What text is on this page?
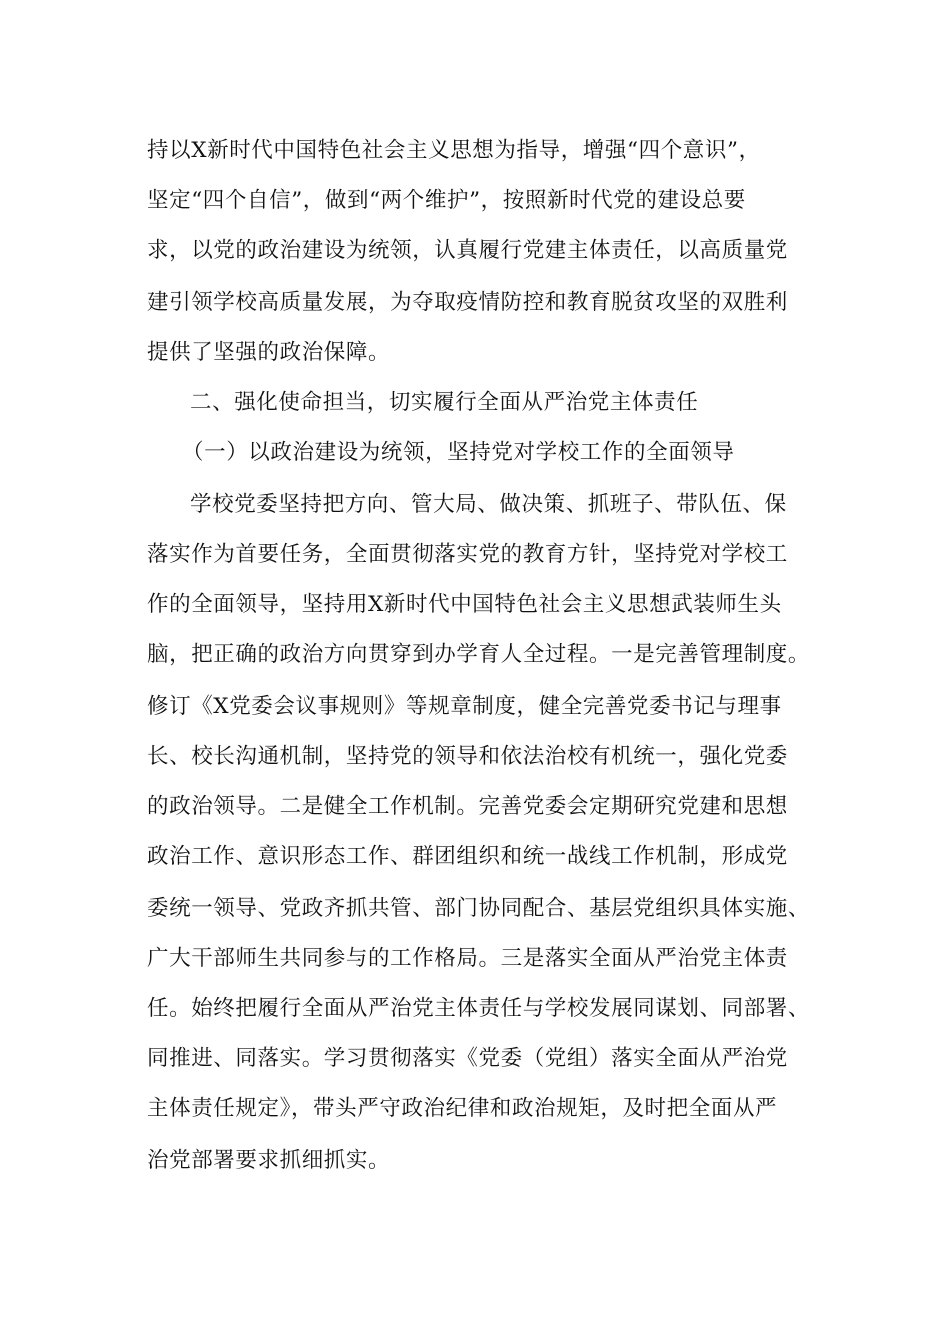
持以X新时代中国特色社会主义思想为指导，增强“四个意识”，
坚定“四个自信”，做到“两个维护”，按照新时代党的建设总要
求，以党的政治建设为统领，认真履行党建主体责任，以高质量党
建引领学校高质量发展，为夺取疫情防控和教育脱贫攻坚的双胜利
提供了坚强的政治保障。
二、强化使命担当，切实履行全面从严治党主体责任
（一）以政治建设为统领，坚持党对学校工作的全面领导
学校党委坚持把方向、管大局、做决策、抓班子、带队伍、保
落实作为首要任务，全面贯彻落实党的教育方针，坚持党对学校工
作的全面领导，坚持用X新时代中国特色社会主义思想武装师生头
脑，把正确的政治方向贯穿到办学育人全过程。一是完善管理制度。
修订《X党委会议事规则》等规章制度，健全完善党委书记与理事
长、校长沟通机制，坚持党的领导和依法治校有机统一，强化党委
的政治领导。二是健全工作机制。完善党委会定期研究党建和思想
政治工作、意识形态工作、群团组织和统一战线工作机制，形成党
委统一领导、党政齐抓共管、部门协同配合、基层党组织具体实施、
广大干部师生共同参与的工作格局。三是落实全面从严治党主体责
任。始终把履行全面从严治党主体责任与学校发展同谋划、同部署、
同推进、同落实。学习贯彻落实《党委（党组）落实全面从严治党
主体责任规定》，带头严守政治纪律和政治规矩，及时把全面从严
治党部署要求抓细抓实。
